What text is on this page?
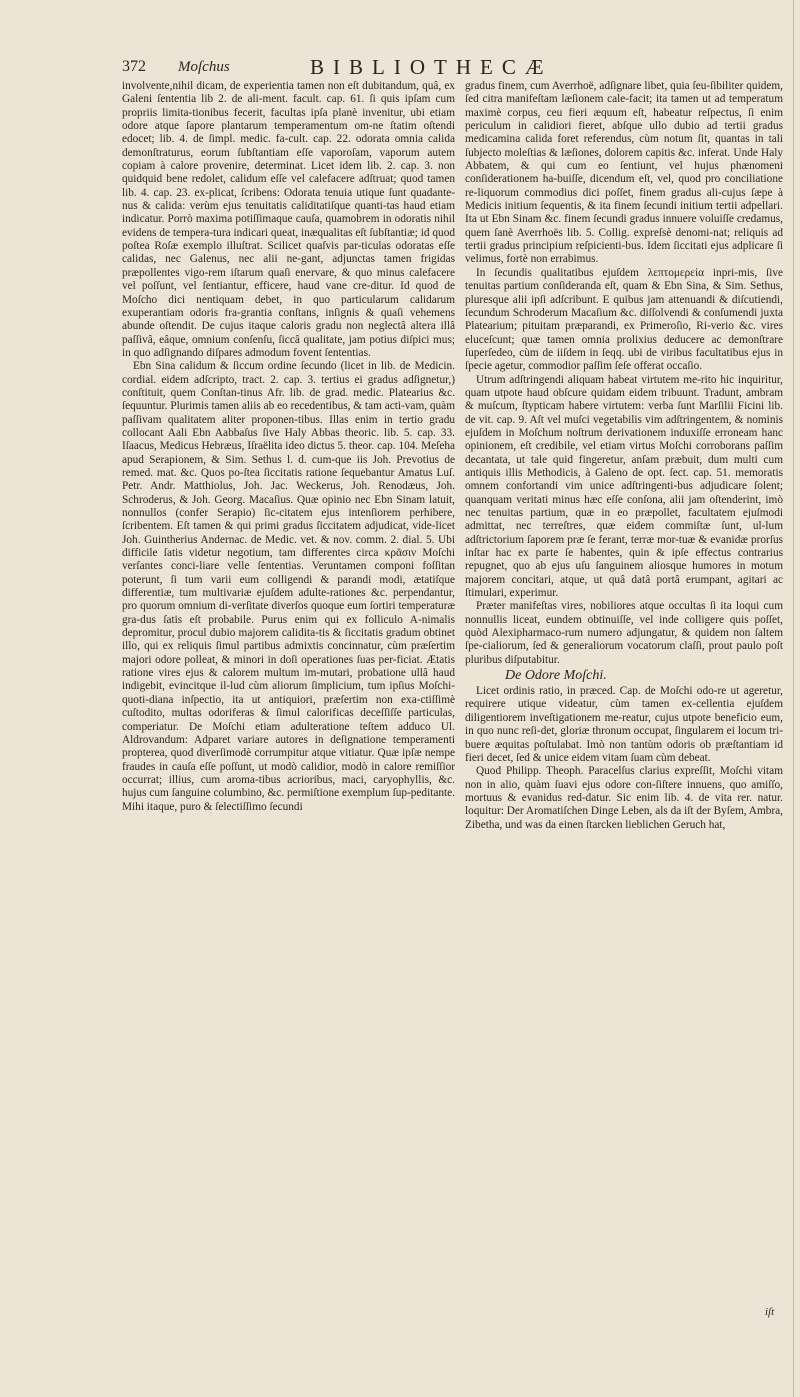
372 Moſchus	BIBLIOTHECÆ

involvente,nihil dicam, de experientia tamen non eſt dubitandum, quâ, ex Galeni ſententia lib 2. de ali-ment. facult. cap. 61. ſi quis ipſam cum propriis limita-tionibus fecerit, facultas ipſa planè invenitur, ubi etiam odore atque ſapore plantarum temperamentum om-ne ſtatim oſtendi edocet; lib. 4. de ſimpl. medic. fa-cult. cap. 22. odorata omnia calida demonſtraturus, eorum ſubſtantiam eſſe vaporoſam, vaporum autem copiam à calore provenire, determinat. Licet idem lib. 2. cap. 3. non quidquid bene redolet, calidum eſſe vel calefacere adſtruat; quod tamen lib. 4. cap. 23. ex-plicat, ſcribens: Odorata tenuia utique ſunt quadante-nus & calida: verùm ejus tenuitatis caliditatiſque quanti-tas haud etiam indicatur. Porrò maxima potiſſimaque cauſa, quamobrem in odoratis nihil evidens de tempera-tura indicari queat, inæqualitas eſt ſubſtantiæ; id quod poſtea Roſæ exemplo illuſtrat. Scilicet quaſvis par-ticulas odoratas eſſe calidas, nec Galenus, nec alii ne-gant, adjunctas tamen frigidas præpollentes vigo-rem iſtarum quaſi enervare, & quo minus calefacere vel poſſunt, vel ſentiantur, efficere, haud vane cre-ditur. Id quod de Moſcho dici nentiquam debet, in quo particularum calidarum exuperantiam odoris fra-grantia conſtans, inſignis & quaſi vehemens abunde oſtendit. De cujus itaque caloris gradu non neglectâ altera illâ paſſivâ, eâque, omnium conſenſu, ſiccâ qualitate, jam potius diſpici mus; in quo adſignando diſpares admodum fovent ſententias.

Ebn Sina calidum & ſiccum ordine ſecundo (licet in lib. de Medicin. cordial. eidem adſcripto, tract. 2. cap. 3. tertius ei gradus adſignetur,) conſtituit, quem Conſtan-tinus Afr. lib. de grad. medic. Platearius &c. ſequuntur. Plurimis tamen aliis ab eo recedentibus, & tam acti-vam, quàm paſſivam qualitatem aliter proponen-tibus. Illas enim in tertio gradu collocant Aali Ebn Aabbaſus ſive Haly Abbas theoric. lib. 5. cap. 33. Iſaacus, Medicus Hebræus, Iſraëlita ideo dictus 5. theor. cap. 104. Meſeha apud Serapionem, & Sim. Sethus l. d. cum-que iis Joh. Prevotius de remed. mat. &c. Quos po-ſtea ſiccitatis ratione ſequebantur Amatus Luſ. Petr. Andr. Matthiolus, Joh. Jac. Weckerus, Joh. Renodæus, Joh. Schroderus, & Joh. Georg. Macaſius. Quæ opinio nec Ebn Sinam latuit, nonnullos (confer Serapio) ſic-citatem ejus intenſiorem perhibere, ſcribentem. Eſt tamen & qui primi gradus ſiccitatem adjudicat, vide-licet Joh. Guintherius Andernac. de Medic. vet. & nov. comm. 2. dial. 5. Ubi difficile ſatis videtur negotium, tam differentes circa κρᾶσιν Moſchi verſantes conci-liare velle ſententias. Veruntamen componi foſſitan poterunt, ſi tum varii eum colligendi & parandi modi, ætatiſque differentiæ, tum multivariæ ejuſdem adulte-rationes &c. perpendantur, pro quorum omnium di-verſitate diverſos quoque eum ſortiri temperaturæ gra-dus ſatis eſt probabile. Purus enim qui ex folliculo A-nimalis depromitur, procul dubio majorem caliditа-tis & ſiccitatis gradum obtinet illo, qui ex reliquis ſimul partibus admixtis concinnatur, cùm præſertim majori odore polleat, & minori in doſi operationes ſuas per-ficiat. Ætatis ratione vires ejus & calorem multum im-mutari, probatione ullâ haud indigebit, evincitque il-lud cùm aliorum ſimplicium, tum ipſius Moſchi-quoti-diana inſpectio, ita ut antiquiori, præſertim non exa-ctiſſimè cuſtodito, multas odoriferas & ſimul calorificas deceſſiſſe particulas, comperiatur. De Moſchi etiam adulteratione teſtem adduco Ul. Aldrovandum: Adparet variare autores in deſignatione temperamenti propterea, quod diverſimodè corrumpitur atque vitiatur. Quæ ipſæ nempe fraudes in cauſa eſſe poſſunt, ut modò calidior, modò in calore remiſſior occurrat; illius, cum aroma-tibus acrioribus, maci, caryophyllis, &c. hujus cum ſanguine columbino, &c. permiſtione exemplum ſup-peditante. Mihi itaque, puro & ſelectiſſimo ſecundi

gradus finem, cum Averrhoë, adſignare libet, quia ſeu-ſibiliter quidem, ſed citra manifeſtam læſionem cale-facit; ita tamen ut ad temperatum maximè corpus, ceu fieri æquum eſt, habeatur reſpectus, ſi enim periculum in calidiori fieret, abſque ullo dubio ad tertii gradus medicamina calida foret referendus, cùm notum ſit, quantas in tali ſubjecto moleſtias & læſiones, dolorem capitis &c. inferat. Unde Haly Abbatem, & qui cum eo ſentiunt, vel hujus phænomeni conſiderationem ha-buiſſe, dicendum eſt, vel, quod pro conciliatione re-liquorum commodius dici poſſet, finem gradus ali-cujus ſæpe à Medicis initium ſequentis, & ita finem ſecundi initium tertii adpellari. Ita ut Ebn Sinam &c. finem ſecundi gradus innuere voluiſſe credamus, quem ſanè Averrhoës lib. 5. Collig. expreſsè denomi-nat; reliquis ad tertii gradus principium reſpicienti-bus. Idem ſiccitati ejus adplicare ſi velimus, fortè non errabimus.

In ſecundis qualitatibus ejuſdem λεπτομερεία inpri-mis, ſive tenuitas partium conſideranda eſt, quam & Ebn Sina, & Sim. Sethus, pluresque alii ipſi adſcribunt. E quibus jam attenuandi & diſcutiendi, ſecundum Schroderum Macaſium &c. diſſolvendi & conſumendi juxta Platearium; pituitam præparandi, ex Primeroſio, Ri-verio &c. vires eluceſcunt; quæ tamen omnia prolixius deducere ac demonſtrare ſuperſedeo, cùm de iiſdem in ſeqq. ubi de viribus facultatibus ejus in ſpecie agetur, commodior paſſim ſeſe offerat occaſio.

Utrum adſtringendi aliquam habeat virtutem me-rito hic inquiritur, quam utpote haud obſcure quidam eidem tribuunt. Tradunt, ambram & muſcum, ſtypticam habere virtutem: verba ſunt Marſilii Ficini lib. de vit. cap. 9. Aſt vel muſci vegetabilis vim adſtringentem, & nominis ejuſdem in Moſchum noſtrum derivationem induxiſſe erroneam hanc opinionem, eſt credibile, vel etiam virtus Moſchi corroborans paſſim decantata, ut tale quid fingeretur, anſam præbuit, dum multi cum antiquis illis Methodicis, à Galeno de opt. ſect. cap. 51. memoratis omnem confortandi vim unice adſtringenti-bus adjudicare ſolent; quanquam veritati minus hæc eſſe conſona, alii jam oſtenderint, imò nec tenuitas partium, quæ in eo præpollet, facultatem ejuſmodi admittat, nec terreſtres, quæ eidem commiſtæ ſunt, ul-lum adſtrictorium ſaporem præ ſe ferant, terræ mor-tuæ & evanidæ prorſus inſtar hac ex parte ſe habentes, quin & ipſe effectus contrarius repugnet, quo ab ejus uſu ſanguinem aliosque humores in motum majorem concitari, atque, ut quâ datâ portâ erumpant, agitari ac ſtimulari, experimur.

Præter manifeſtas vires, nobiliores atque occultas ſi ita loqui cum nonnullis liceat, eundem obtinuiſſe, vel inde colligere quis poſſet, quòd Alexipharmaco-rum numero adjungatur, & quidem non ſaltem ſpe-cialiorum, ſed & generaliorum vocatorum claſſi, prout paulo poſt pluribus diſputabitur.

De Odore Moſchi.

Licet ordinis ratio, in præced. Cap. de Moſchi odo-re ut ageretur, requirere utique videatur, cùm tamen ex-cellentia ejuſdem diligentiorem inveſtigationem me-reatur, cujus utpote beneficio eum, in quo nunc reſi-det, gloriæ thronum occupat, ſingularem ei locum tri-buere æquitas poſtulabat. Imò non tantùm odoris ob præſtantiam id fieri decet, ſed & unice eidem vitam ſuam cùm debeat.

Quod Philipp. Theoph. Paracelſus clarius expreſſit, Moſchi vitam non in alio, quàm ſuavi ejus odore con-ſiſtere innuens, quo amiſſo, mortuus & evanidus red-datur. Sic enim lib. 4. de vita rer. natur. loquitur: Der Aromatiſchen Dinge Leben, als da iſt der Byſem, Ambra, Zibetha, und was da einen ſtarcken lieblichen Geruch hat,

iſt
